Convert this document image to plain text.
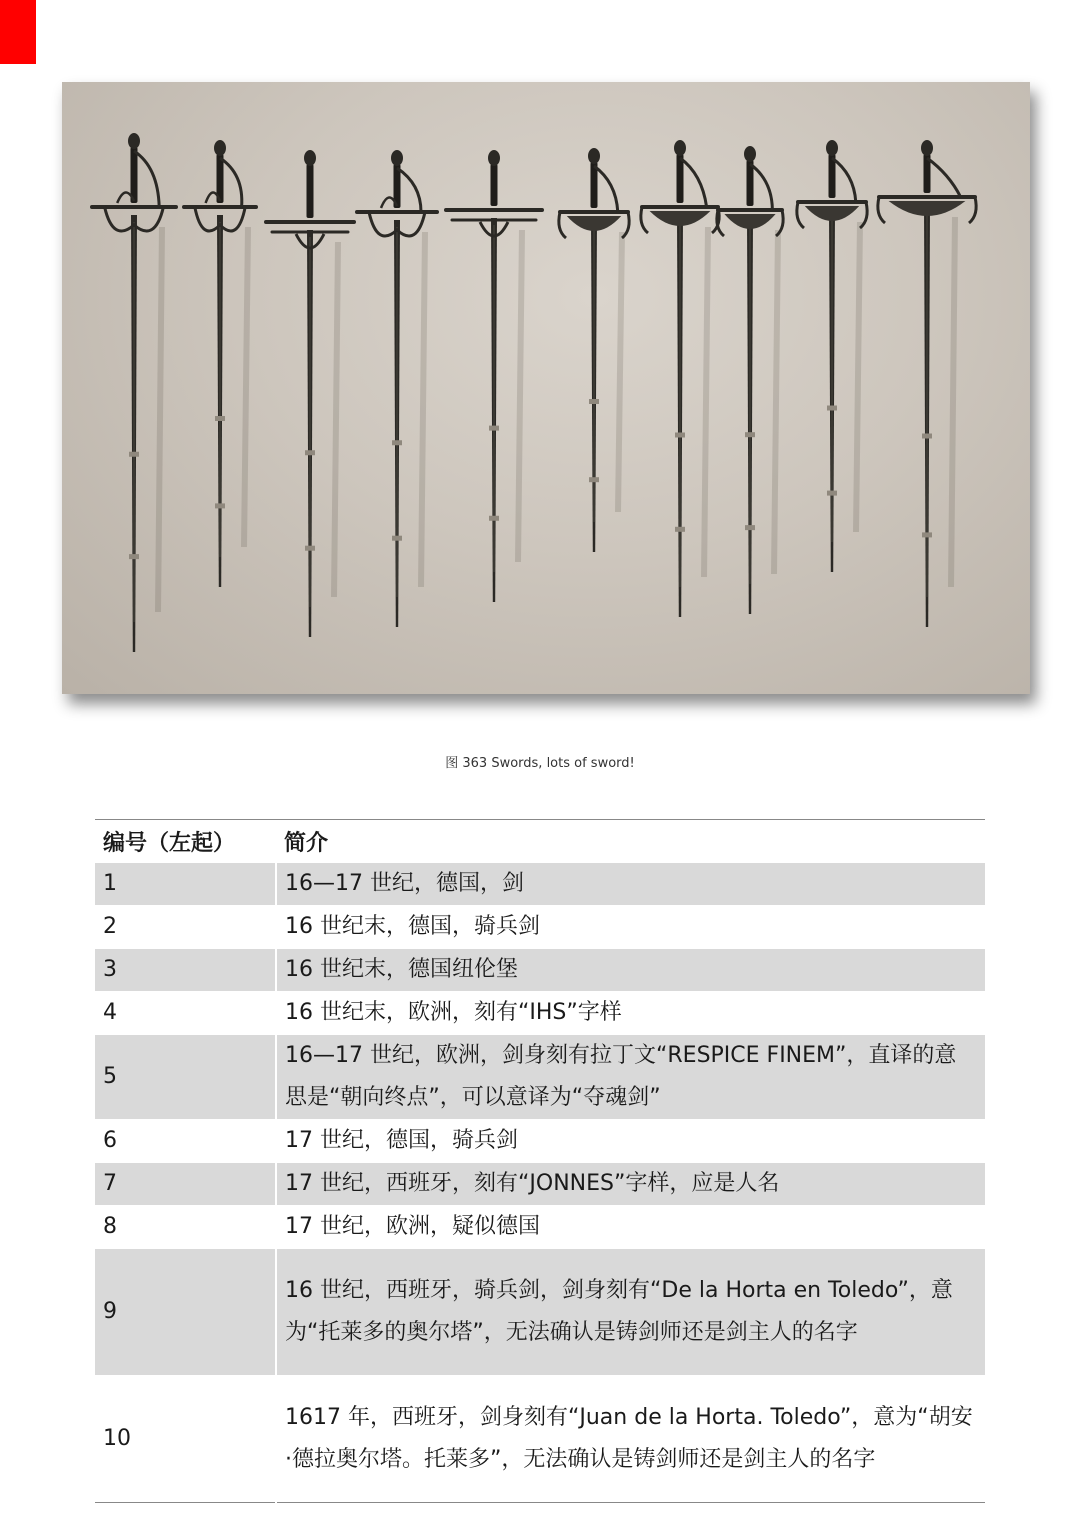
图 363 Swords, lots of sword!
编号（左起）	简介
1	16—17 世纪，德国，剑
2	16 世纪末，德国，骑兵剑
3	16 世纪末，德国纽伦堡
4	16 世纪末，欧洲，刻有“IHS”字样
5	16—17 世纪，欧洲，剑身刻有拉丁文“RESPICE FINEM”，直译的意思是“朝向终点”，可以意译为“夺魂剑”
6	17 世纪，德国，骑兵剑
7	17 世纪，西班牙，刻有“JONNES”字样，应是人名
8	17 世纪，欧洲，疑似德国
9	16 世纪，西班牙，骑兵剑，剑身刻有“De la Horta en Toledo”，意为“托莱多的奥尔塔”，无法确认是铸剑师还是剑主人的名字
10	1617 年，西班牙，剑身刻有“Juan de la Horta. Toledo”，意为“胡安·德拉奥尔塔。托莱多”，无法确认是铸剑师还是剑主人的名字
